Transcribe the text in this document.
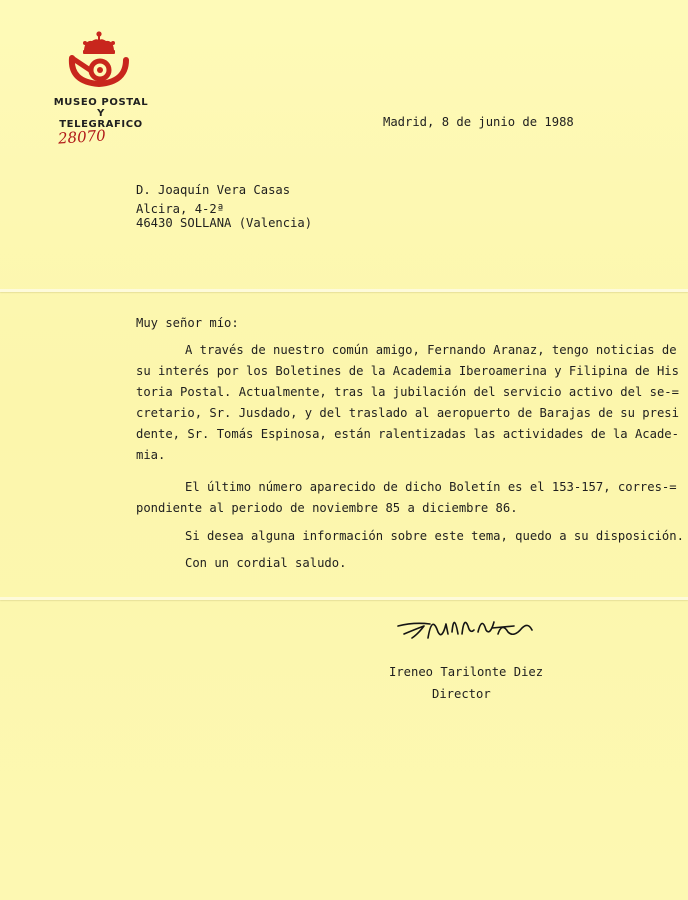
MUSEO POSTAL
Y
TELEGRAFICO
28070
Madrid, 8 de junio de 1988
D. Joaquín Vera Casas
Alcira, 4-2ª
46430 SOLLANA (Valencia)
Muy señor mío:
A través de nuestro común amigo, Fernando Aranaz, tengo noticias de
su interés por los Boletines de la Academia Iberoamerina y Filipina de His
toria Postal. Actualmente, tras la jubilación del servicio activo del se-=
cretario, Sr. Jusdado, y del traslado al aeropuerto de Barajas de su presi
dente, Sr. Tomás Espinosa, están ralentizadas las actividades de la Acade-
mia.
El último número aparecido de dicho Boletín es el 153-157, corres-=
pondiente al periodo de noviembre 85 a diciembre 86.
Si desea alguna información sobre este tema, quedo a su disposición.
Con un cordial saludo.
Ireneo Tarilonte Diez
Director
